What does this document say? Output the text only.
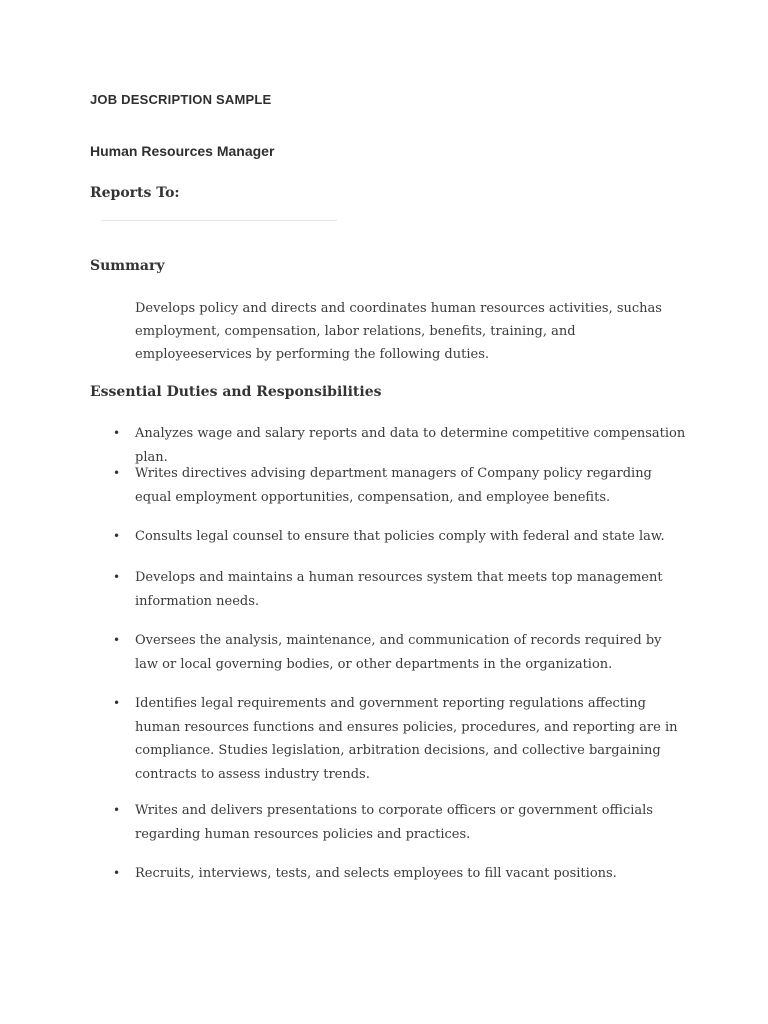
JOB DESCRIPTION SAMPLE
Human Resources Manager
Reports To:
Summary

Develops policy and directs and coordinates human resources activities, suchas employment, compensation, labor relations, benefits, training, and employeeservices by performing the following duties.

Essential Duties and Responsibilities
• Analyzes wage and salary reports and data to determine competitive compensation plan.
• Writes directives advising department managers of Company policy regarding equal employment opportunities, compensation, and employee benefits.
• Consults legal counsel to ensure that policies comply with federal and state law.
• Develops and maintains a human resources system that meets top management information needs.
• Oversees the analysis, maintenance, and communication of records required by law or local governing bodies, or other departments in the organization.
• Identifies legal requirements and government reporting regulations affecting human resources functions and ensures policies, procedures, and reporting are in compliance. Studies legislation, arbitration decisions, and collective bargaining contracts to assess industry trends.
• Writes and delivers presentations to corporate officers or government officials regarding human resources policies and practices.
• Recruits, interviews, tests, and selects employees to fill vacant positions.
